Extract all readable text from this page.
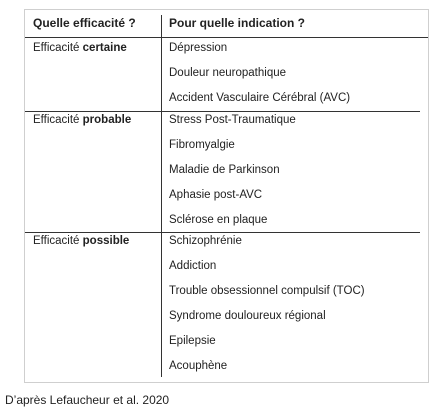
Quelle efficacité ?	Pour quelle indication ?
Efficacité certaine	Dépression
Douleur neuropathique
Accident Vasculaire Cérébral (AVC)
Efficacité probable	Stress Post-Traumatique
Fibromyalgie
Maladie de Parkinson
Aphasie post-AVC
Sclérose en plaque
Efficacité possible	Schizophrénie
Addiction
Trouble obsessionnel compulsif (TOC)
Syndrome douloureux régional
Epilepsie
Acouphène
D’après Lefaucheur et al. 2020
